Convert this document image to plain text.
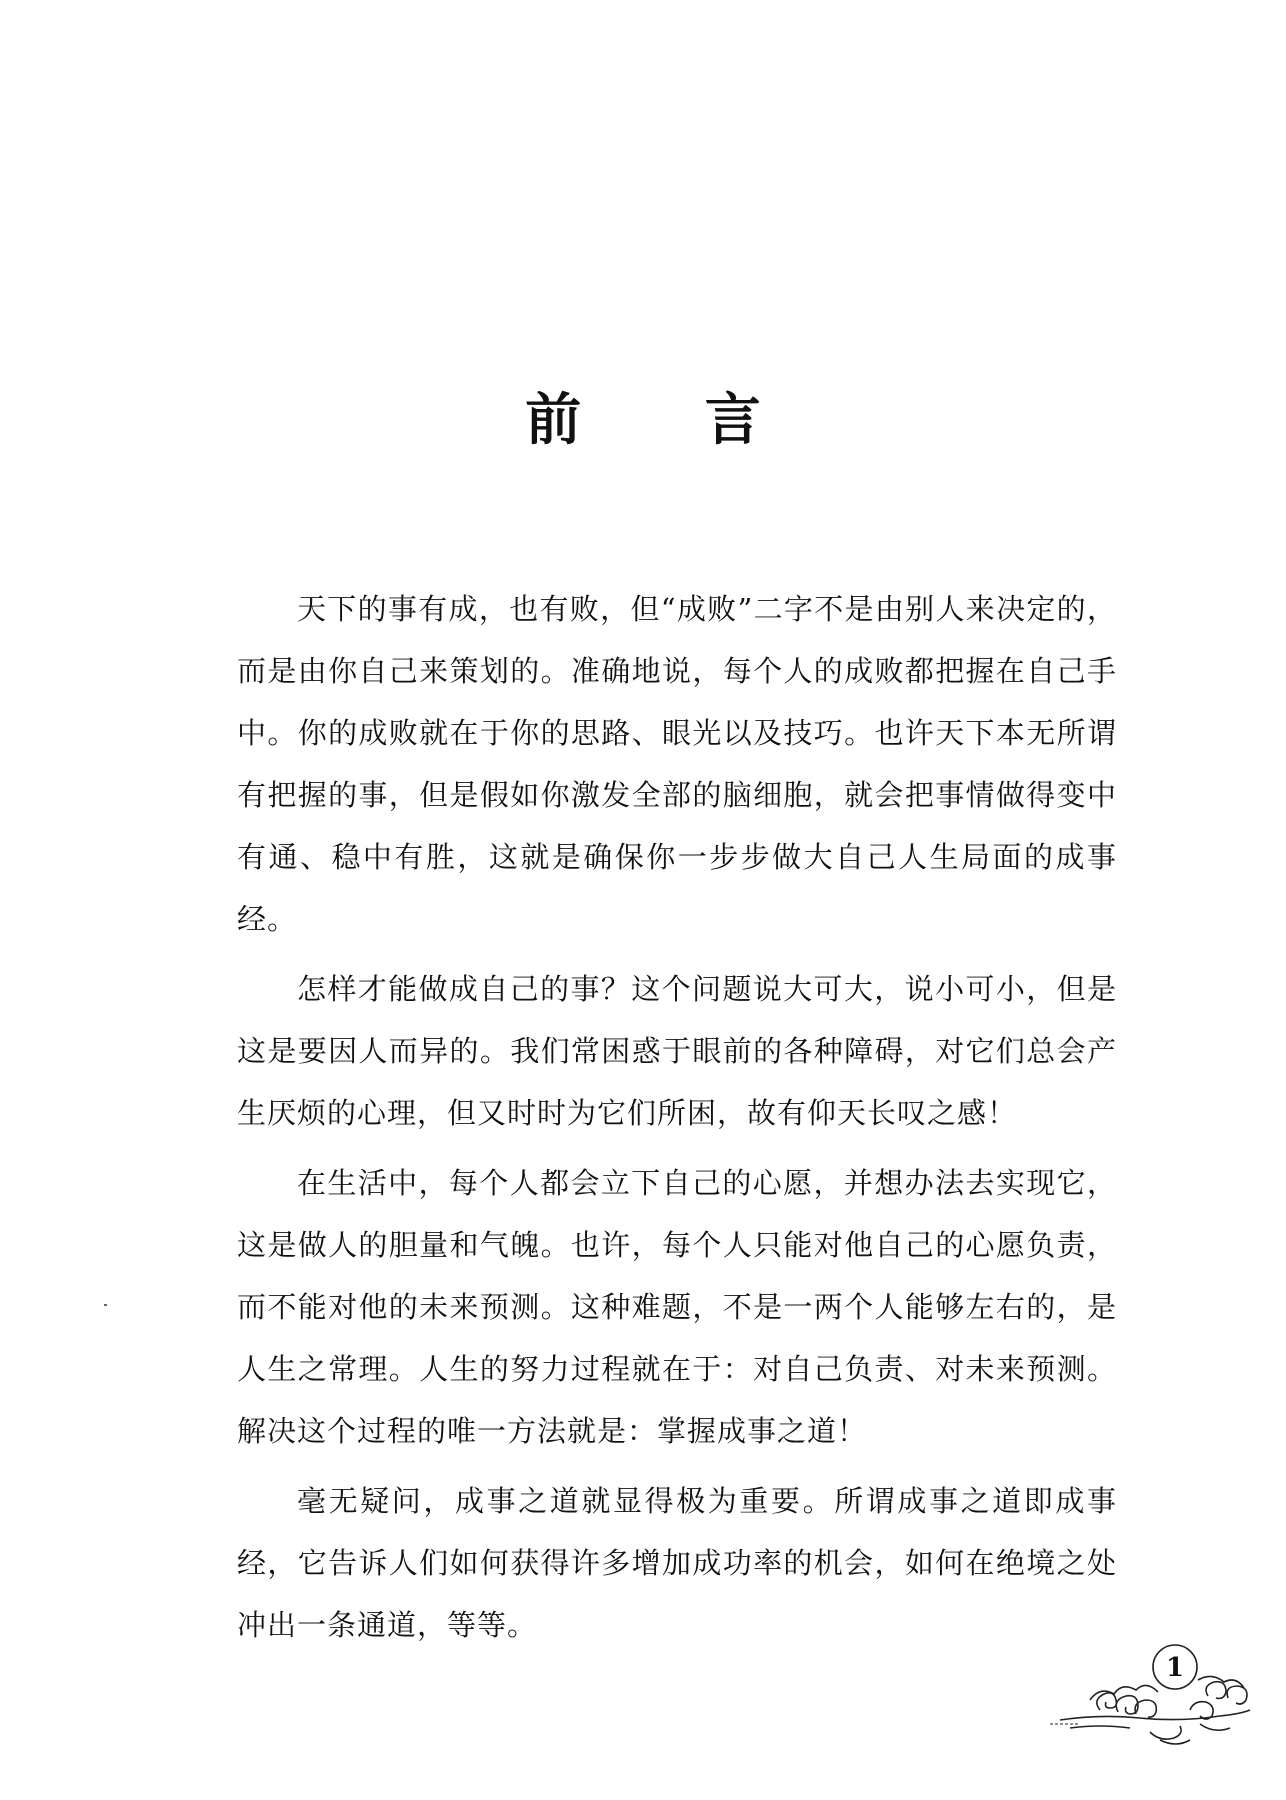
前 言

天下的事有成，也有败，但“成败”二字不是由别人来决定的，而是由你自己来策划的。准确地说，每个人的成败都把握在自己手中。你的成败就在于你的思路、眼光以及技巧。也许天下本无所谓有把握的事，但是假如你激发全部的脑细胞，就会把事情做得变中有通、稳中有胜，这就是确保你一步步做大自己人生局面的成事经。

怎样才能做成自己的事？这个问题说大可大，说小可小，但是这是要因人而异的。我们常困惑于眼前的各种障碍，对它们总会产生厌烦的心理，但又时时为它们所困，故有仰天长叹之感！

在生活中，每个人都会立下自己的心愿，并想办法去实现它，这是做人的胆量和气魄。也许，每个人只能对他自己的心愿负责，而不能对他的未来预测。这种难题，不是一两个人能够左右的，是人生之常理。人生的努力过程就在于：对自己负责、对未来预测。解决这个过程的唯一方法就是：掌握成事之道！

毫无疑问，成事之道就显得极为重要。所谓成事之道即成事经，它告诉人们如何获得许多增加成功率的机会，如何在绝境之处冲出一条通道，等等。

1
